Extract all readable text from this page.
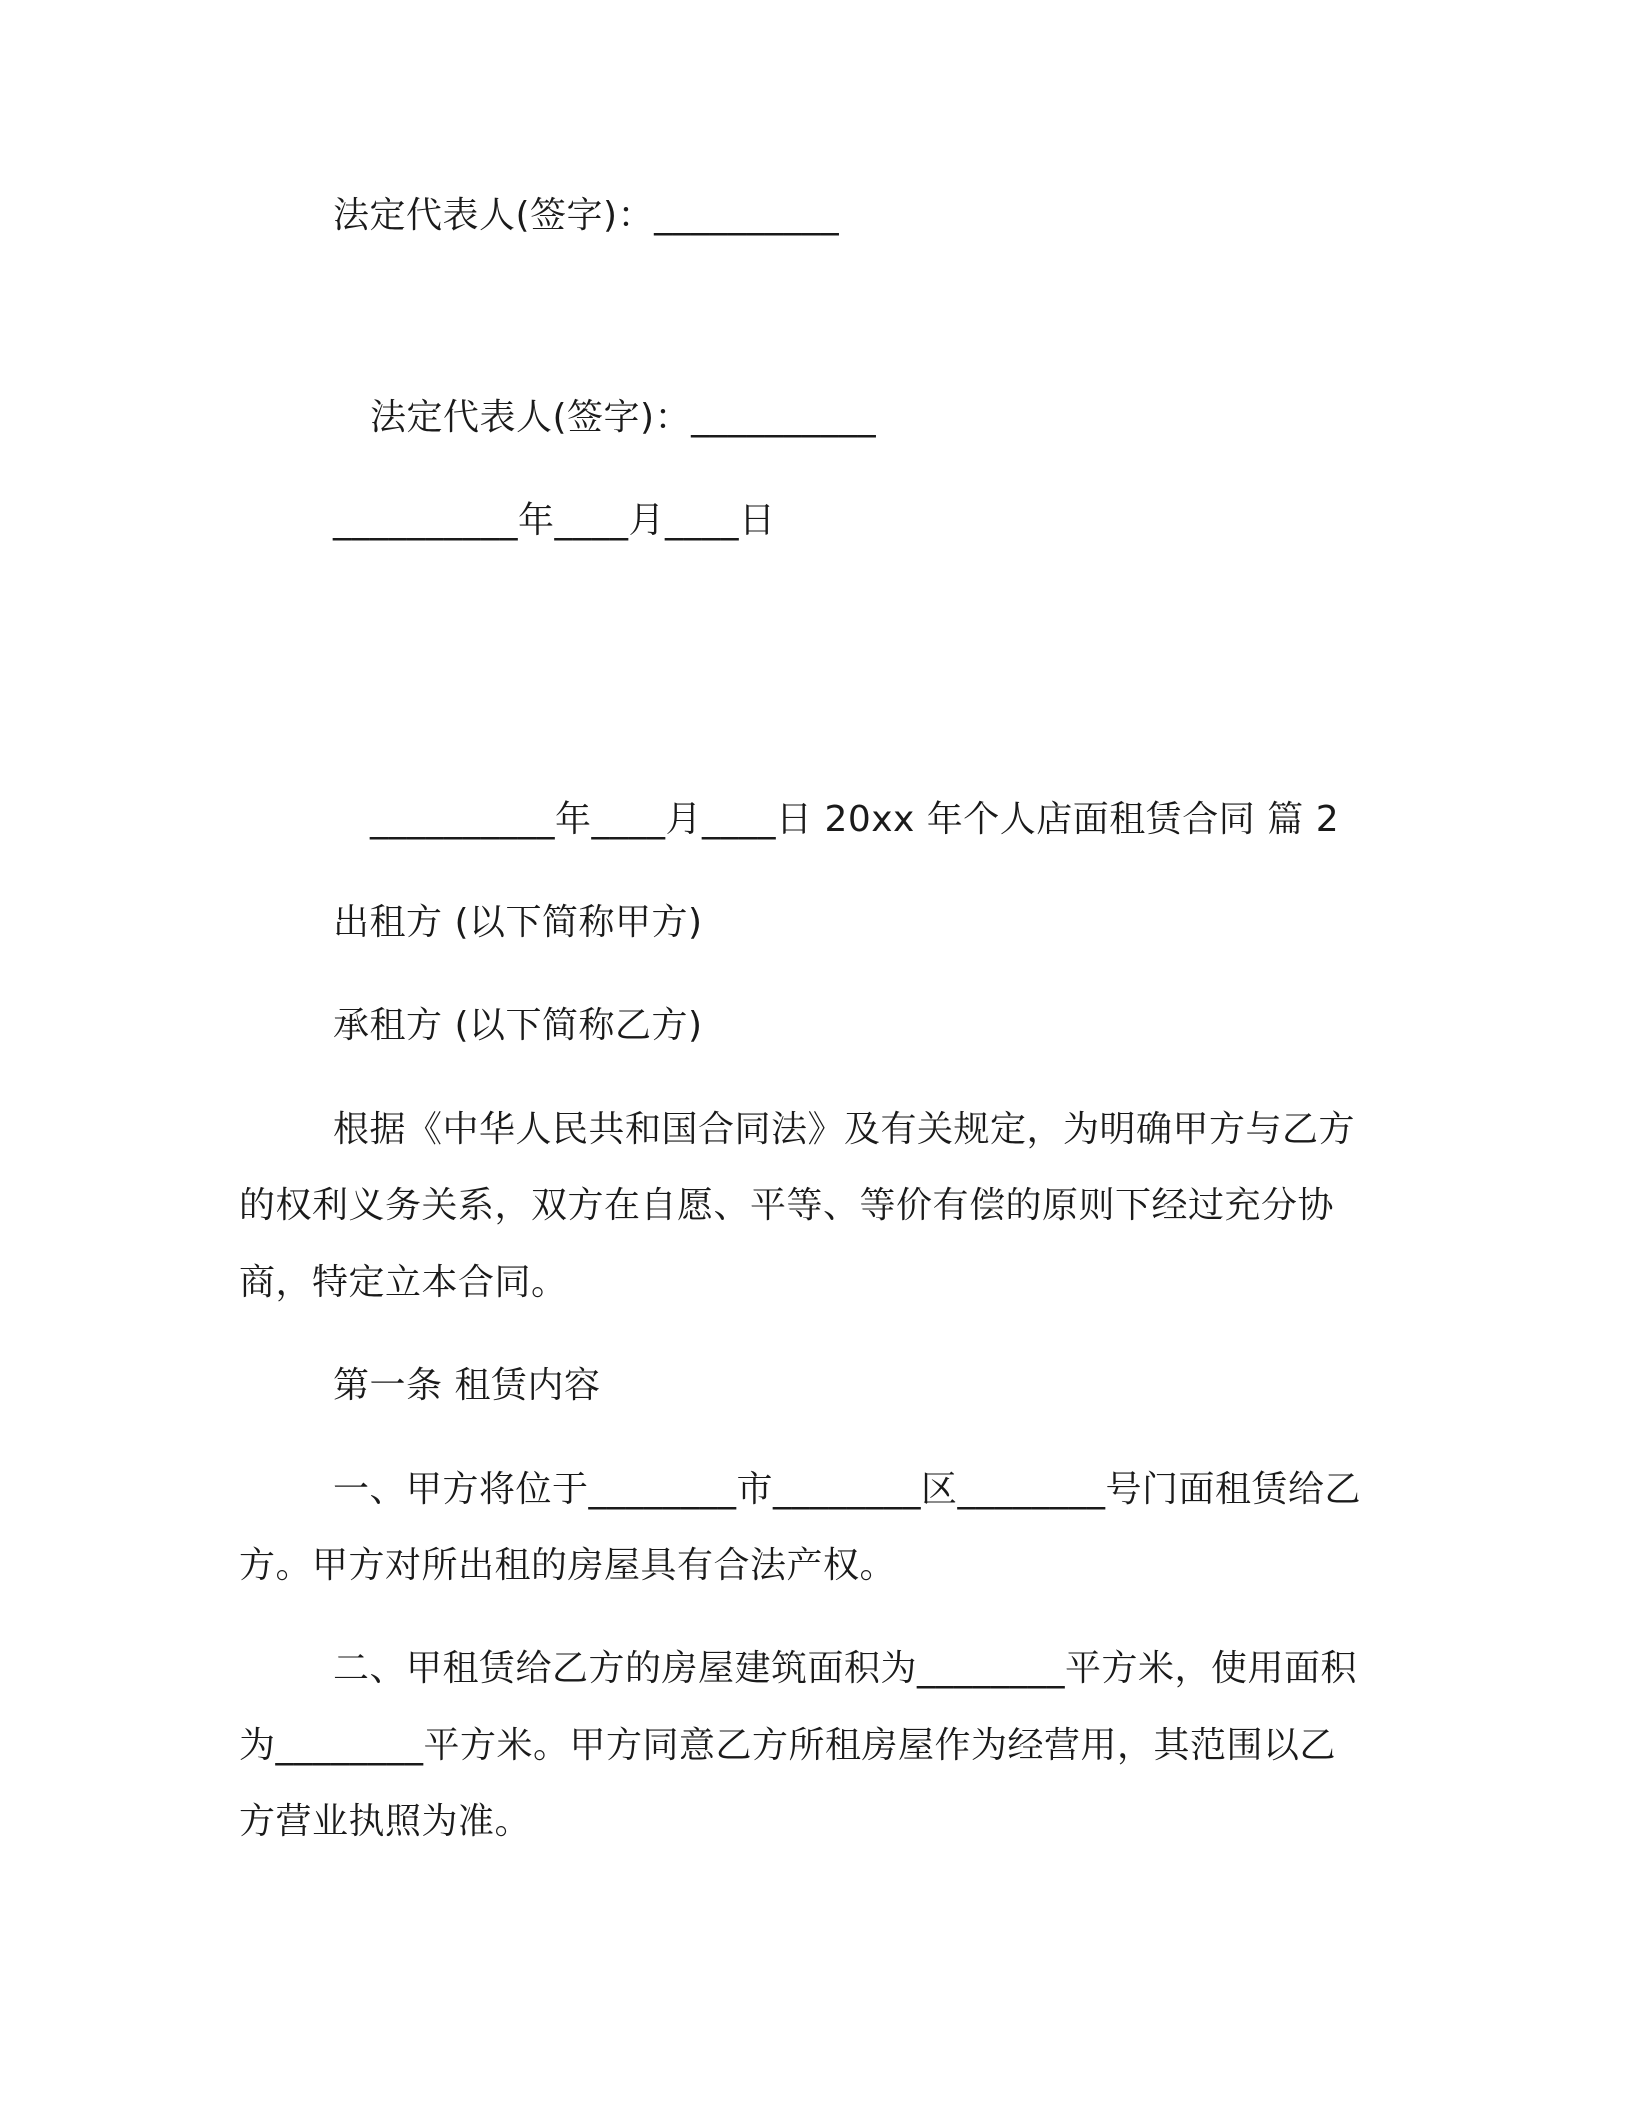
法定代表人(签字)：__________
法定代表人(签字)：__________
__________年____月____日
__________年____月____日 20xx 年个人店面租赁合同 篇 2
出租方 (以下简称甲方)
承租方 (以下简称乙方)
根据《中华人民共和国合同法》及有关规定，为明确甲方与乙方
的权利义务关系，双方在自愿、平等、等价有偿的原则下经过充分协
商，特定立本合同。
第一条 租赁内容
一、甲方将位于________市________区________号门面租赁给乙
方。甲方对所出租的房屋具有合法产权。
二、甲租赁给乙方的房屋建筑面积为________平方米，使用面积
为________平方米。甲方同意乙方所租房屋作为经营用，其范围以乙
方营业执照为准。
